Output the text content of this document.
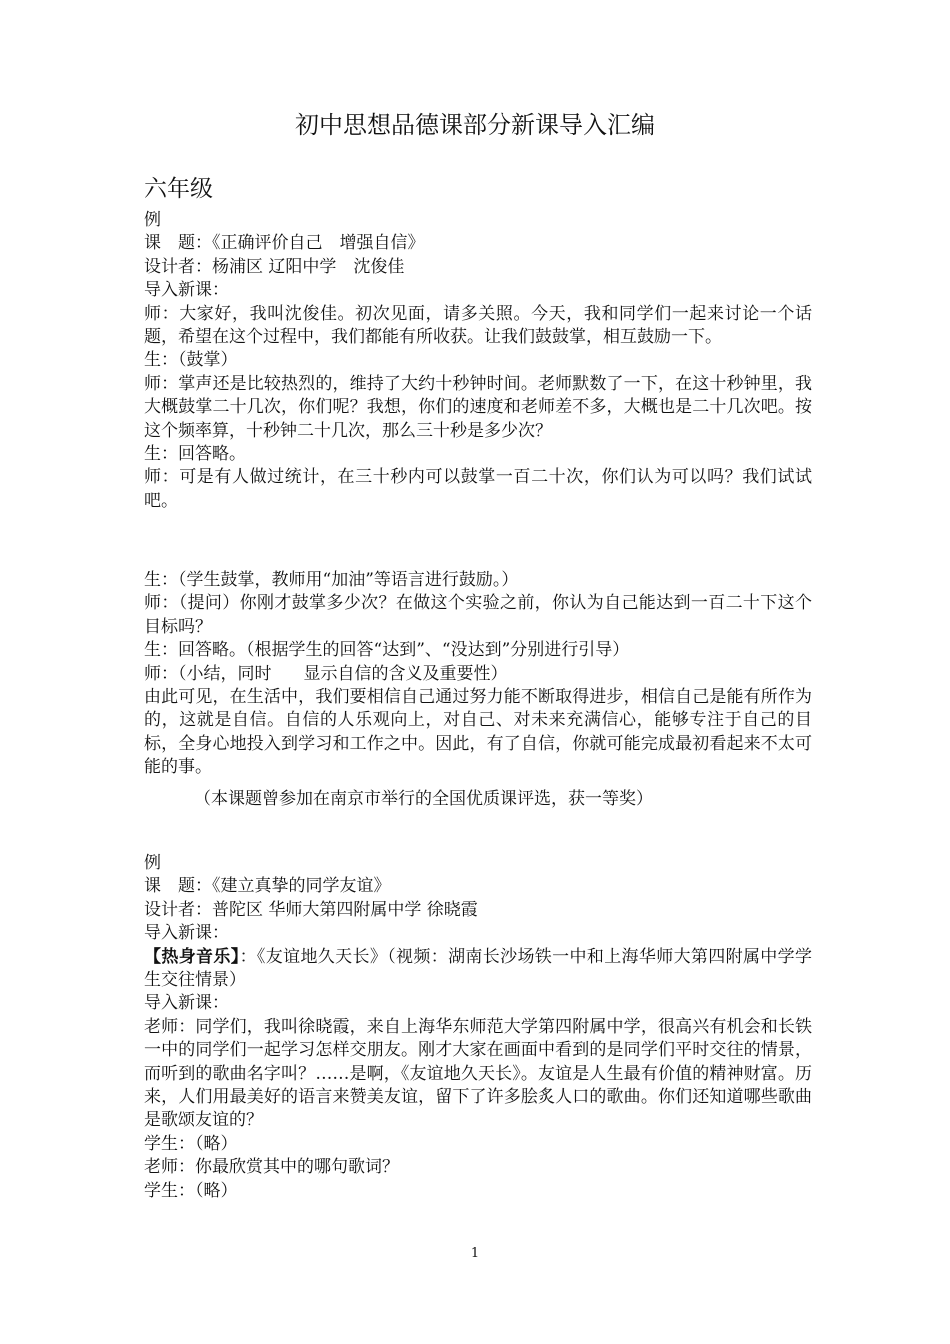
初中思想品德课部分新课导入汇编
六年级

例

课　题：《正确评价自己　增强自信》

设计者：杨浦区 辽阳中学　沈俊佳

导入新课：

师：大家好，我叫沈俊佳。初次见面，请多关照。今天，我和同学们一起来讨论一个话题，希望在这个过程中，我们都能有所收获。让我们鼓鼓掌，相互鼓励一下。

生：（鼓掌）

师：掌声还是比较热烈的，维持了大约十秒钟时间。老师默数了一下，在这十秒钟里，我大概鼓掌二十几次，你们呢？我想，你们的速度和老师差不多，大概也是二十几次吧。按这个频率算，十秒钟二十几次，那么三十秒是多少次？

生：回答略。

师：可是有人做过统计，在三十秒内可以鼓掌一百二十次，你们认为可以吗？我们试试吧。

生：（学生鼓掌，教师用“加油”等语言进行鼓励。）

师：（提问）你刚才鼓掌多少次？在做这个实验之前，你认为自己能达到一百二十下这个目标吗？

生：回答略。（根据学生的回答“达到”、“没达到”分别进行引导）

师：（小结，同时 显示自信的含义及重要性）

由此可见，在生活中，我们要相信自己通过努力能不断取得进步，相信自己是能有所作为的，这就是自信。自信的人乐观向上，对自己、对未来充满信心，能够专注于自己的目标，全身心地投入到学习和工作之中。因此，有了自信，你就可能完成最初看起来不太可能的事。

（本课题曾参加在南京市举行的全国优质课评选，获一等奖）

例

课　题：《建立真挚的同学友谊》

设计者：普陀区 华师大第四附属中学 徐晓霞

导入新课：

【热身音乐】：《友谊地久天长》（视频：湖南长沙场铁一中和上海华师大第四附属中学学生交往情景）

导入新课：

老师：同学们，我叫徐晓霞，来自上海华东师范大学第四附属中学，很高兴有机会和长铁一中的同学们一起学习怎样交朋友。刚才大家在画面中看到的是同学们平时交往的情景，而听到的歌曲名字叫？……是啊，《友谊地久天长》。友谊是人生最有价值的精神财富。历来，人们用最美好的语言来赞美友谊，留下了许多脍炙人口的歌曲。你们还知道哪些歌曲是歌颂友谊的？

学生：（略）

老师：你最欣赏其中的哪句歌词？

学生：（略）

1
